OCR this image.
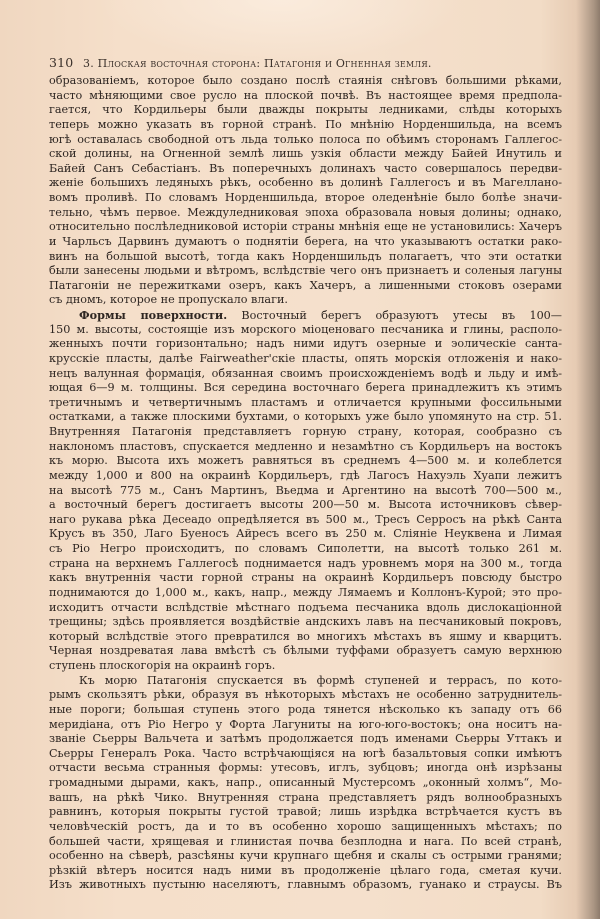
310 3. Плоская восточная сторона: Патагонія и Огненная земля.
образованіемъ, которое было создано послѣ стаянія снѣговъ большими рѣками,
часто мѣняющими свое русло на плоской почвѣ. Въ настоящее время предпола-
гается, что Кордильеры были дважды покрыты ледниками, слѣды которыхъ
теперь можно указать въ горной странѣ. По мнѣнію Норденшильда, на всемъ
югѣ оставалась свободной отъ льда только полоса по обѣимъ сторонамъ Галлегос-
ской долины, на Огненной землѣ лишь узкія области между Байей Инутиль и
Байей Санъ Себастіанъ. Въ поперечныхъ долинахъ часто совершалось передви-
женіе большихъ ледяныхъ рѣкъ, особенно въ долинѣ Галлегосъ и въ Магеллано-
вомъ проливѣ. По словамъ Норденшильда, второе оледенѣніе было болѣе значи-
тельно, чѣмъ первое. Междуледниковая эпоха образовала новыя долины; однако,
относительно послѣледниковой исторіи страны мнѣнія еще не установились: Хачеръ
и Чарльсъ Дарвинъ думаютъ о поднятіи берега, на что указываютъ остатки рако-
винъ на большой высотѣ, тогда какъ Норденшильдъ полагаетъ, что эти остатки
были занесены людьми и вѣтромъ, вслѣдствіе чего онъ признаетъ и соленыя лагуны
Патагоніи не пережитками озеръ, какъ Хачеръ, а лишенными стоковъ озерами
съ дномъ, которое не пропускало влаги.
Формы поверхности. Восточный берегъ образуютъ утесы въ 100—
150 м. высоты, состоящіе изъ морского міоценоваго песчаника и глины, располо-
женныхъ почти горизонтально; надъ ними идутъ озерные и эолическіе санта-
крусскіе пласты, далѣе Fairweather'скіе пласты, опять морскія отложенія и нако-
нецъ валунная формація, обязанная своимъ происхожденіемъ водѣ и льду и имѣ-
ющая 6—9 м. толщины. Вся середина восточнаго берега принадлежитъ къ этимъ
третичнымъ и четвертичнымъ пластамъ и отличается крупными фоссильными
остатками, а также плоскими бухтами, о которыхъ уже было упомянуто на стр. 51.
Внутренняя Патагонія представляетъ горную страну, которая, сообразно съ
наклономъ пластовъ, спускается медленно и незамѣтно съ Кордильеръ на востокъ
къ морю. Высота ихъ можетъ равняться въ среднемъ 4—500 м. и колеблется
между 1,000 и 800 на окраинѣ Кордильеръ, гдѣ Лагосъ Нахуэль Хуапи лежитъ
на высотѣ 775 м., Санъ Мартинъ, Вьедма и Аргентино на высотѣ 700—500 м.,
а восточный берегъ достигаетъ высоты 200—50 м. Высота источниковъ сѣвер-
наго рукава рѣка Десеадо опредѣляется въ 500 м., Тресъ Серросъ на рѣкѣ Санта
Крусъ въ 350, Лаго Буеносъ Айресъ всего въ 250 м. Сліяніе Неуквена и Лимая
съ Ріо Негро происходитъ, по словамъ Сиполетти, на высотѣ только 261 м.
страна на верхнемъ Галлегосѣ поднимается надъ уровнемъ моря на 300 м., тогда
какъ внутреннія части горной страны на окраинѣ Кордильеръ повсюду быстро
поднимаются до 1,000 м., какъ, напр., между Лямаемъ и Коллонъ-Курой; это про-
исходитъ отчасти вслѣдствіе мѣстнаго подъема песчаника вдоль дислокаціонной
трещины; здѣсь проявляется воздѣйствіе андскихъ лавъ на песчаниковый покровъ,
который вслѣдствіе этого превратился во многихъ мѣстахъ въ яшму и кварцитъ.
Черная ноздреватая лава вмѣстѣ съ бѣлыми туффами образуетъ самую верхнюю
ступень плоскогорія на окраинѣ горъ.
Къ морю Патагонія спускается въ формѣ ступеней и террасъ, по кото-
рымъ скользятъ рѣки, образуя въ нѣкоторыхъ мѣстахъ не особенно затруднитель-
ные пороги; большая ступень этого рода тянется нѣсколько къ западу отъ 66
меридіана, отъ Ріо Негро у Форта Лагуниты на юго-юго-востокъ; она носитъ на-
званіе Сьерры Вальчета и затѣмъ продолжается подъ именами Сьерры Уттакъ и
Сьерры Генералъ Рока. Часто встрѣчающіяся на югѣ базальтовыя сопки имѣютъ
отчасти весьма странныя формы: утесовъ, иглъ, зубцовъ; иногда онѣ изрѣзаны
громадными дырами, какъ, напр., описанный Мустерсомъ „оконный холмъ“, Мо-
вашъ, на рѣкѣ Чико. Внутренняя страна представляетъ рядъ волнообразныхъ
равнинъ, которыя покрыты густой травой; лишь изрѣдка встрѣчается кустъ въ
человѣческій ростъ, да и то въ особенно хорошо защищенныхъ мѣстахъ; по
большей части, хрящевая и глинистая почва безплодна и нага. По всей странѣ,
особенно на сѣверѣ, разсѣяны кучи крупнаго щебня и скалы съ острыми гранями;
рѣзкій вѣтеръ носится надъ ними въ продолженіе цѣлаго года, сметая кучи.
Изъ животныхъ пустыню населяютъ, главнымъ образомъ, гуанако и страусы. Въ
